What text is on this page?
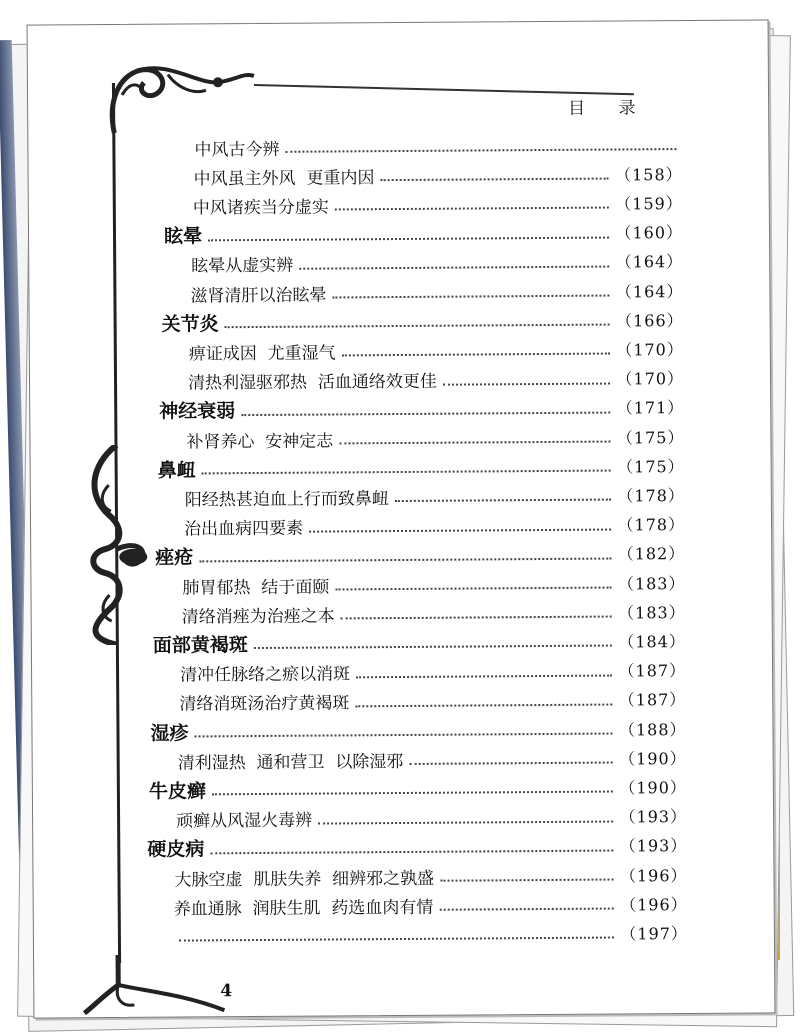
目 录
中风古今辨
中风虽主外风  更重内因	（158）
中风诸疾当分虚实	（159）
眩晕	（160）
眩晕从虚实辨	（164）
滋肾清肝以治眩晕	（164）
关节炎	（166）
痹证成因  尤重湿气	（170）
清热利湿驱邪热  活血通络效更佳	（170）
神经衰弱	（171）
补肾养心  安神定志	（175）
鼻衄	（175）
阳经热甚迫血上行而致鼻衄	（178）
治出血病四要素	（178）
痤疮	（182）
肺胃郁热  结于面颐	（183）
清络消痤为治痤之本	（183）
面部黄褐斑	（184）
清冲任脉络之瘀以消斑	（187）
清络消斑汤治疗黄褐斑	（187）
湿疹	（188）
清利湿热  通和营卫  以除湿邪	（190）
牛皮癣	（190）
顽癣从风湿火毒辨	（193）
硬皮病	（193）
大脉空虚  肌肤失养  细辨邪之孰盛	（196）
养血通脉  润肤生肌  药选血肉有情	（196）
（197）
4
